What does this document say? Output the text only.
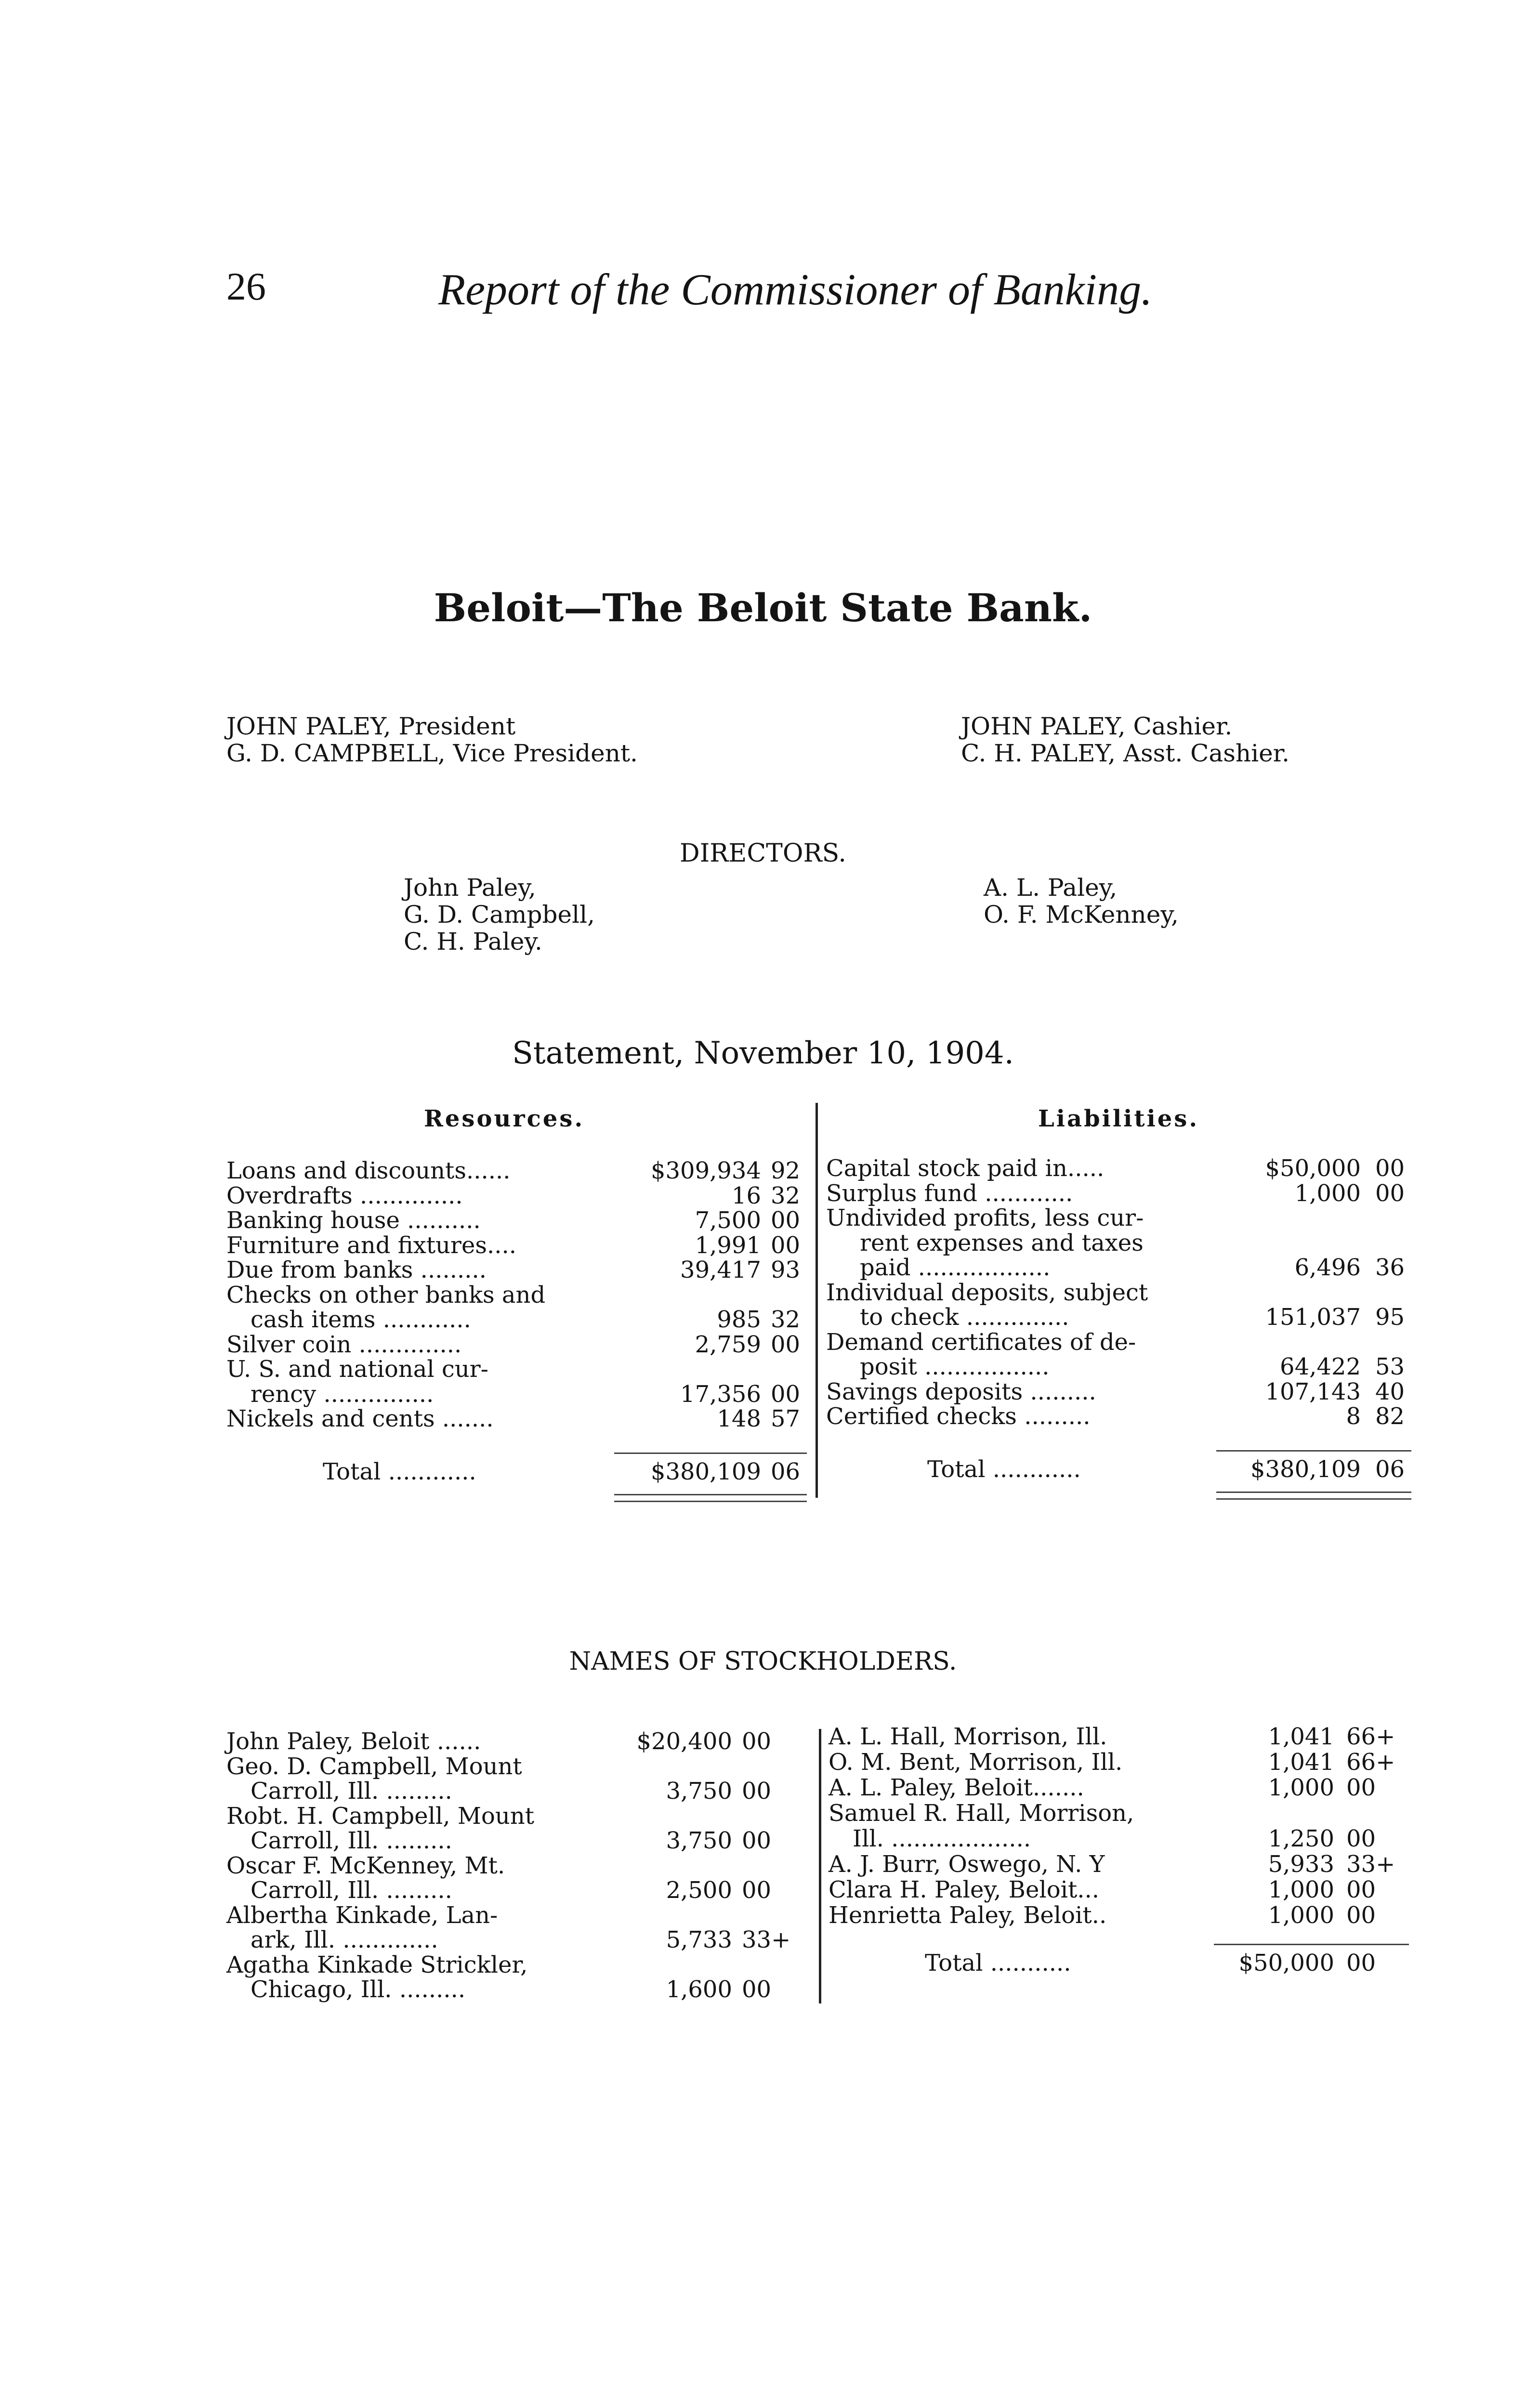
26	Report of the Commissioner of Banking.
Beloit—The Beloit State Bank.
JOHN PALEY, President
G. D. CAMPBELL, Vice President.
JOHN PALEY, Cashier.
C. H. PALEY, Asst. Cashier.
DIRECTORS.
John Paley,
G. D. Campbell,
C. H. Paley.
A. L. Paley,
O. F. McKenney,
Statement, November 10, 1904.
Resources.	Liabilities.
Loans and discounts......	$309,934 92
Overdrafts ..............	16 32
Banking house ..........	7,500 00
Furniture and fixtures....	1,991 00
Due from banks .........	39,417 93
Checks on other banks and
cash items ............	985 32
Silver coin ..............	2,759 00
U. S. and national cur-
rency ...............	17,356 00
Nickels and cents .......	148 57
Total ............	$380,109 06
Capital stock paid in.....	$50,000 00
Surplus fund ............	1,000 00
Undivided profits, less cur-
rent expenses and taxes
paid ..................	6,496 36
Individual deposits, subject
to check ..............	151,037 95
Demand certificates of de-
posit .................	64,422 53
Savings deposits .........	107,143 40
Certified checks .........	8 82
Total ............	$380,109 06
NAMES OF STOCKHOLDERS.
John Paley, Beloit ......	$20,400 00
Geo. D. Campbell, Mount
Carroll, Ill. .........	3,750 00
Robt. H. Campbell, Mount
Carroll, Ill. .........	3,750 00
Oscar F. McKenney, Mt.
Carroll, Ill. .........	2,500 00
Albertha Kinkade, Lan-
ark, Ill. .............	5,733 33+
Agatha Kinkade Strickler,
Chicago, Ill. .........	1,600 00
A. L. Hall, Morrison, Ill.	1,041 66+
O. M. Bent, Morrison, Ill.	1,041 66+
A. L. Paley, Beloit.......	1,000 00
Samuel R. Hall, Morrison,
Ill. ...................	1,250 00
A. J. Burr, Oswego, N. Y	5,933 33+
Clara H. Paley, Beloit...	1,000 00
Henrietta Paley, Beloit..	1,000 00
Total ...........	$50,000 00
